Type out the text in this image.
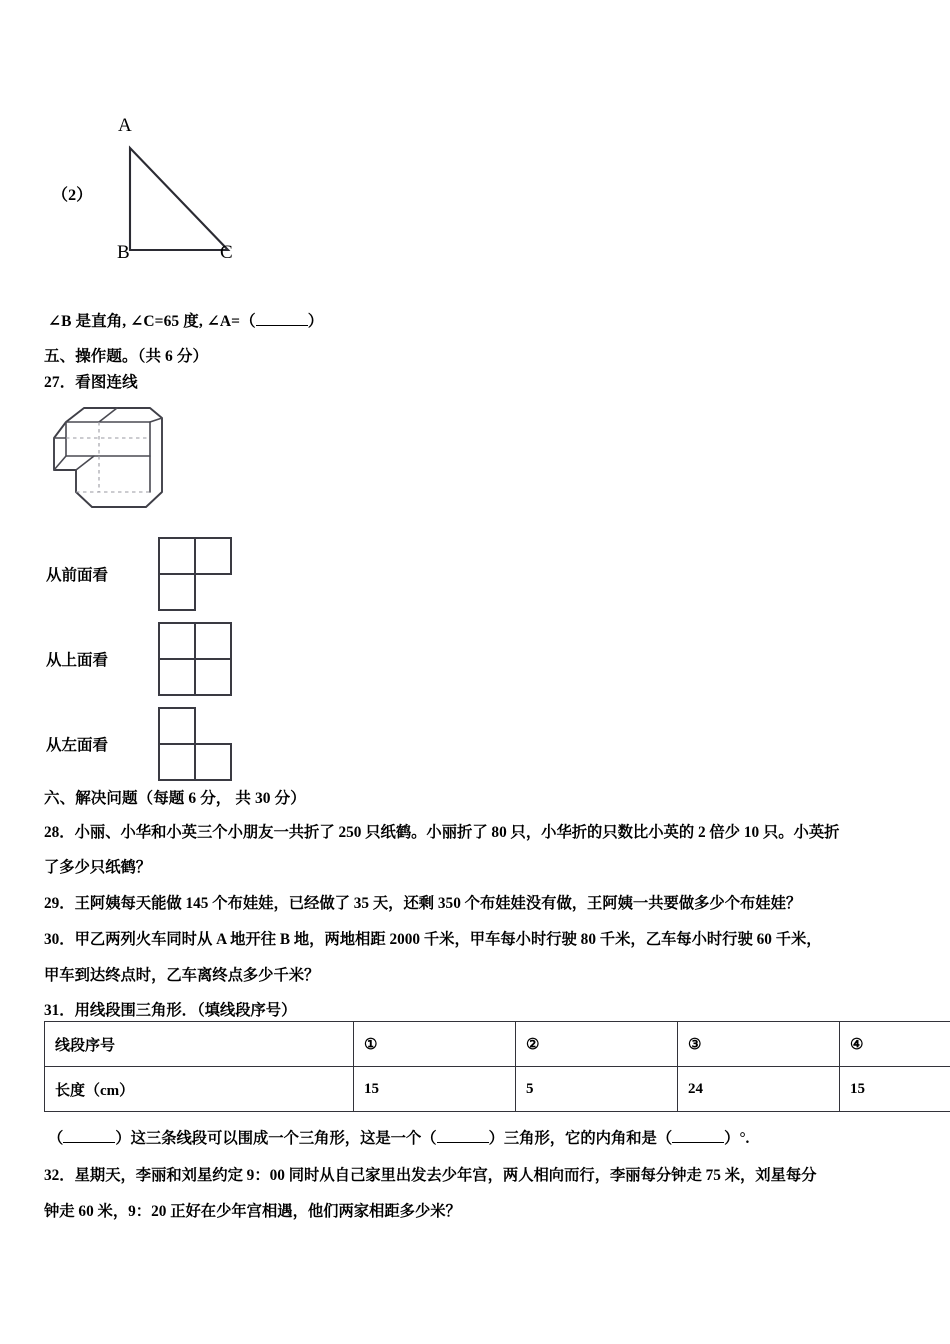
（2）
A
B	C
∠B 是直角, ∠C=65 度, ∠A=（	）
五、操作题。（共 6 分）
27．看图连线
从前面看
从上面看
从左面看
六、解决问题（每题 6 分， 共 30 分）
28．小丽、小华和小英三个小朋友一共折了 250 只纸鹤。小丽折了 80 只，小华折的只数比小英的 2 倍少 10 只。小英折
了多少只纸鹤？
29．王阿姨每天能做 145 个布娃娃，已经做了 35 天，还剩 350 个布娃娃没有做，王阿姨一共要做多少个布娃娃？
30．甲乙两列火车同时从 A 地开往 B 地，两地相距 2000 千米，甲车每小时行驶 80 千米，乙车每小时行驶 60 千米，
甲车到达终点时，乙车离终点多少千米？
31．用线段围三角形．（填线段序号）
线段序号	①	②	③	④
长度（cm）	15	5	24	15
（	）这三条线段可以围成一个三角形，这是一个（	）三角形，它的内角和是（	）°.
32．星期天，李丽和刘星约定 9：00 同时从自己家里出发去少年宫，两人相向而行，李丽每分钟走 75 米，刘星每分
钟走 60 米，9：20 正好在少年宫相遇，他们两家相距多少米？
